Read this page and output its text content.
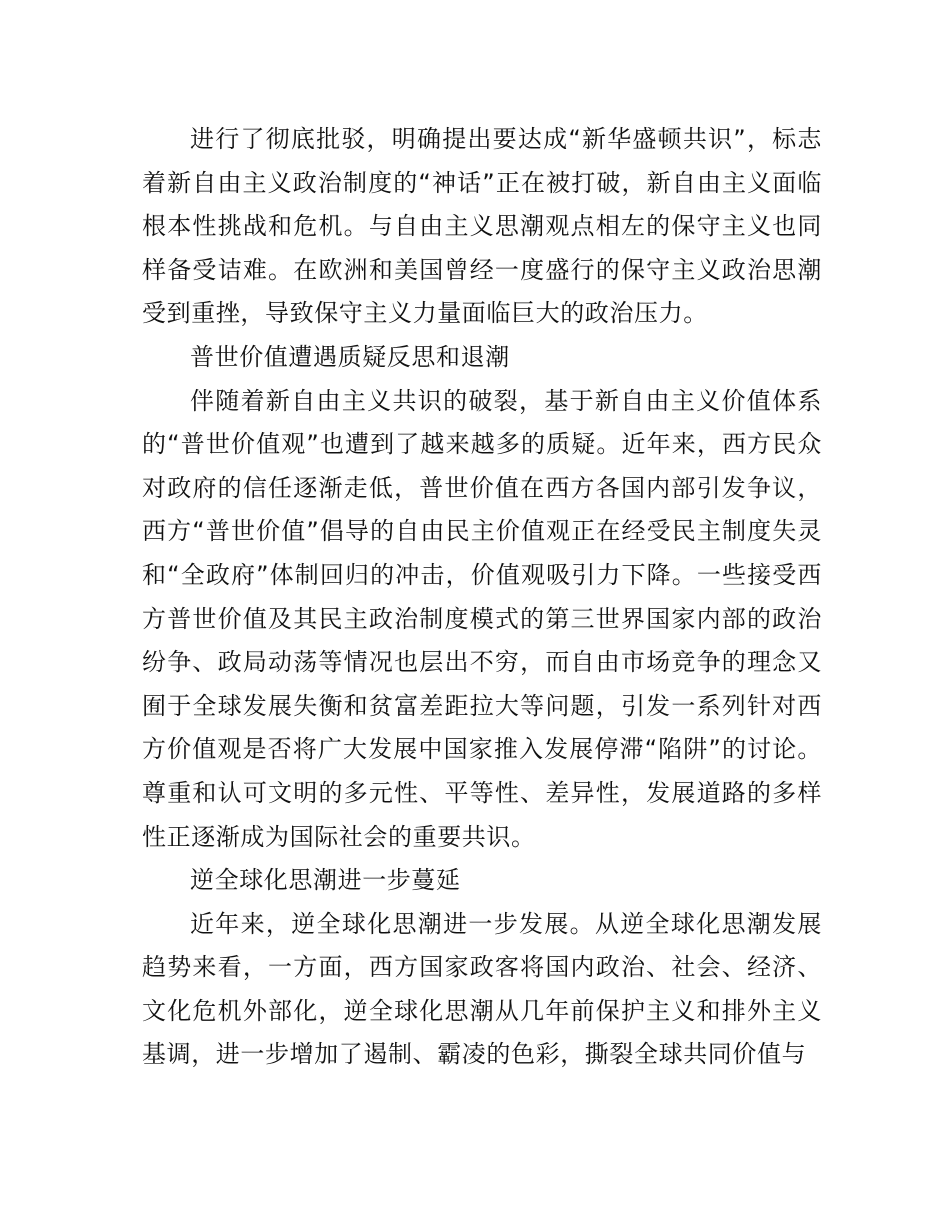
进行了彻底批驳，明确提出要达成“新华盛顿共识”，标志着新自由主义政治制度的“神话”正在被打破，新自由主义面临根本性挑战和危机。与自由主义思潮观点相左的保守主义也同样备受诘难。在欧洲和美国曾经一度盛行的保守主义政治思潮受到重挫，导致保守主义力量面临巨大的政治压力。

普世价值遭遇质疑反思和退潮

伴随着新自由主义共识的破裂，基于新自由主义价值体系的“普世价值观”也遭到了越来越多的质疑。近年来，西方民众对政府的信任逐渐走低，普世价值在西方各国内部引发争议，西方“普世价值”倡导的自由民主价值观正在经受民主制度失灵和“全政府”体制回归的冲击，价值观吸引力下降。一些接受西方普世价值及其民主政治制度模式的第三世界国家内部的政治纷争、政局动荡等情况也层出不穷，而自由市场竞争的理念又囿于全球发展失衡和贫富差距拉大等问题，引发一系列针对西方价值观是否将广大发展中国家推入发展停滞“陷阱”的讨论。尊重和认可文明的多元性、平等性、差异性，发展道路的多样性正逐渐成为国际社会的重要共识。

逆全球化思潮进一步蔓延

近年来，逆全球化思潮进一步发展。从逆全球化思潮发展趋势来看，一方面，西方国家政客将国内政治、社会、经济、文化危机外部化，逆全球化思潮从几年前保护主义和排外主义基调，进一步增加了遏制、霸凌的色彩，撕裂全球共同价值与
